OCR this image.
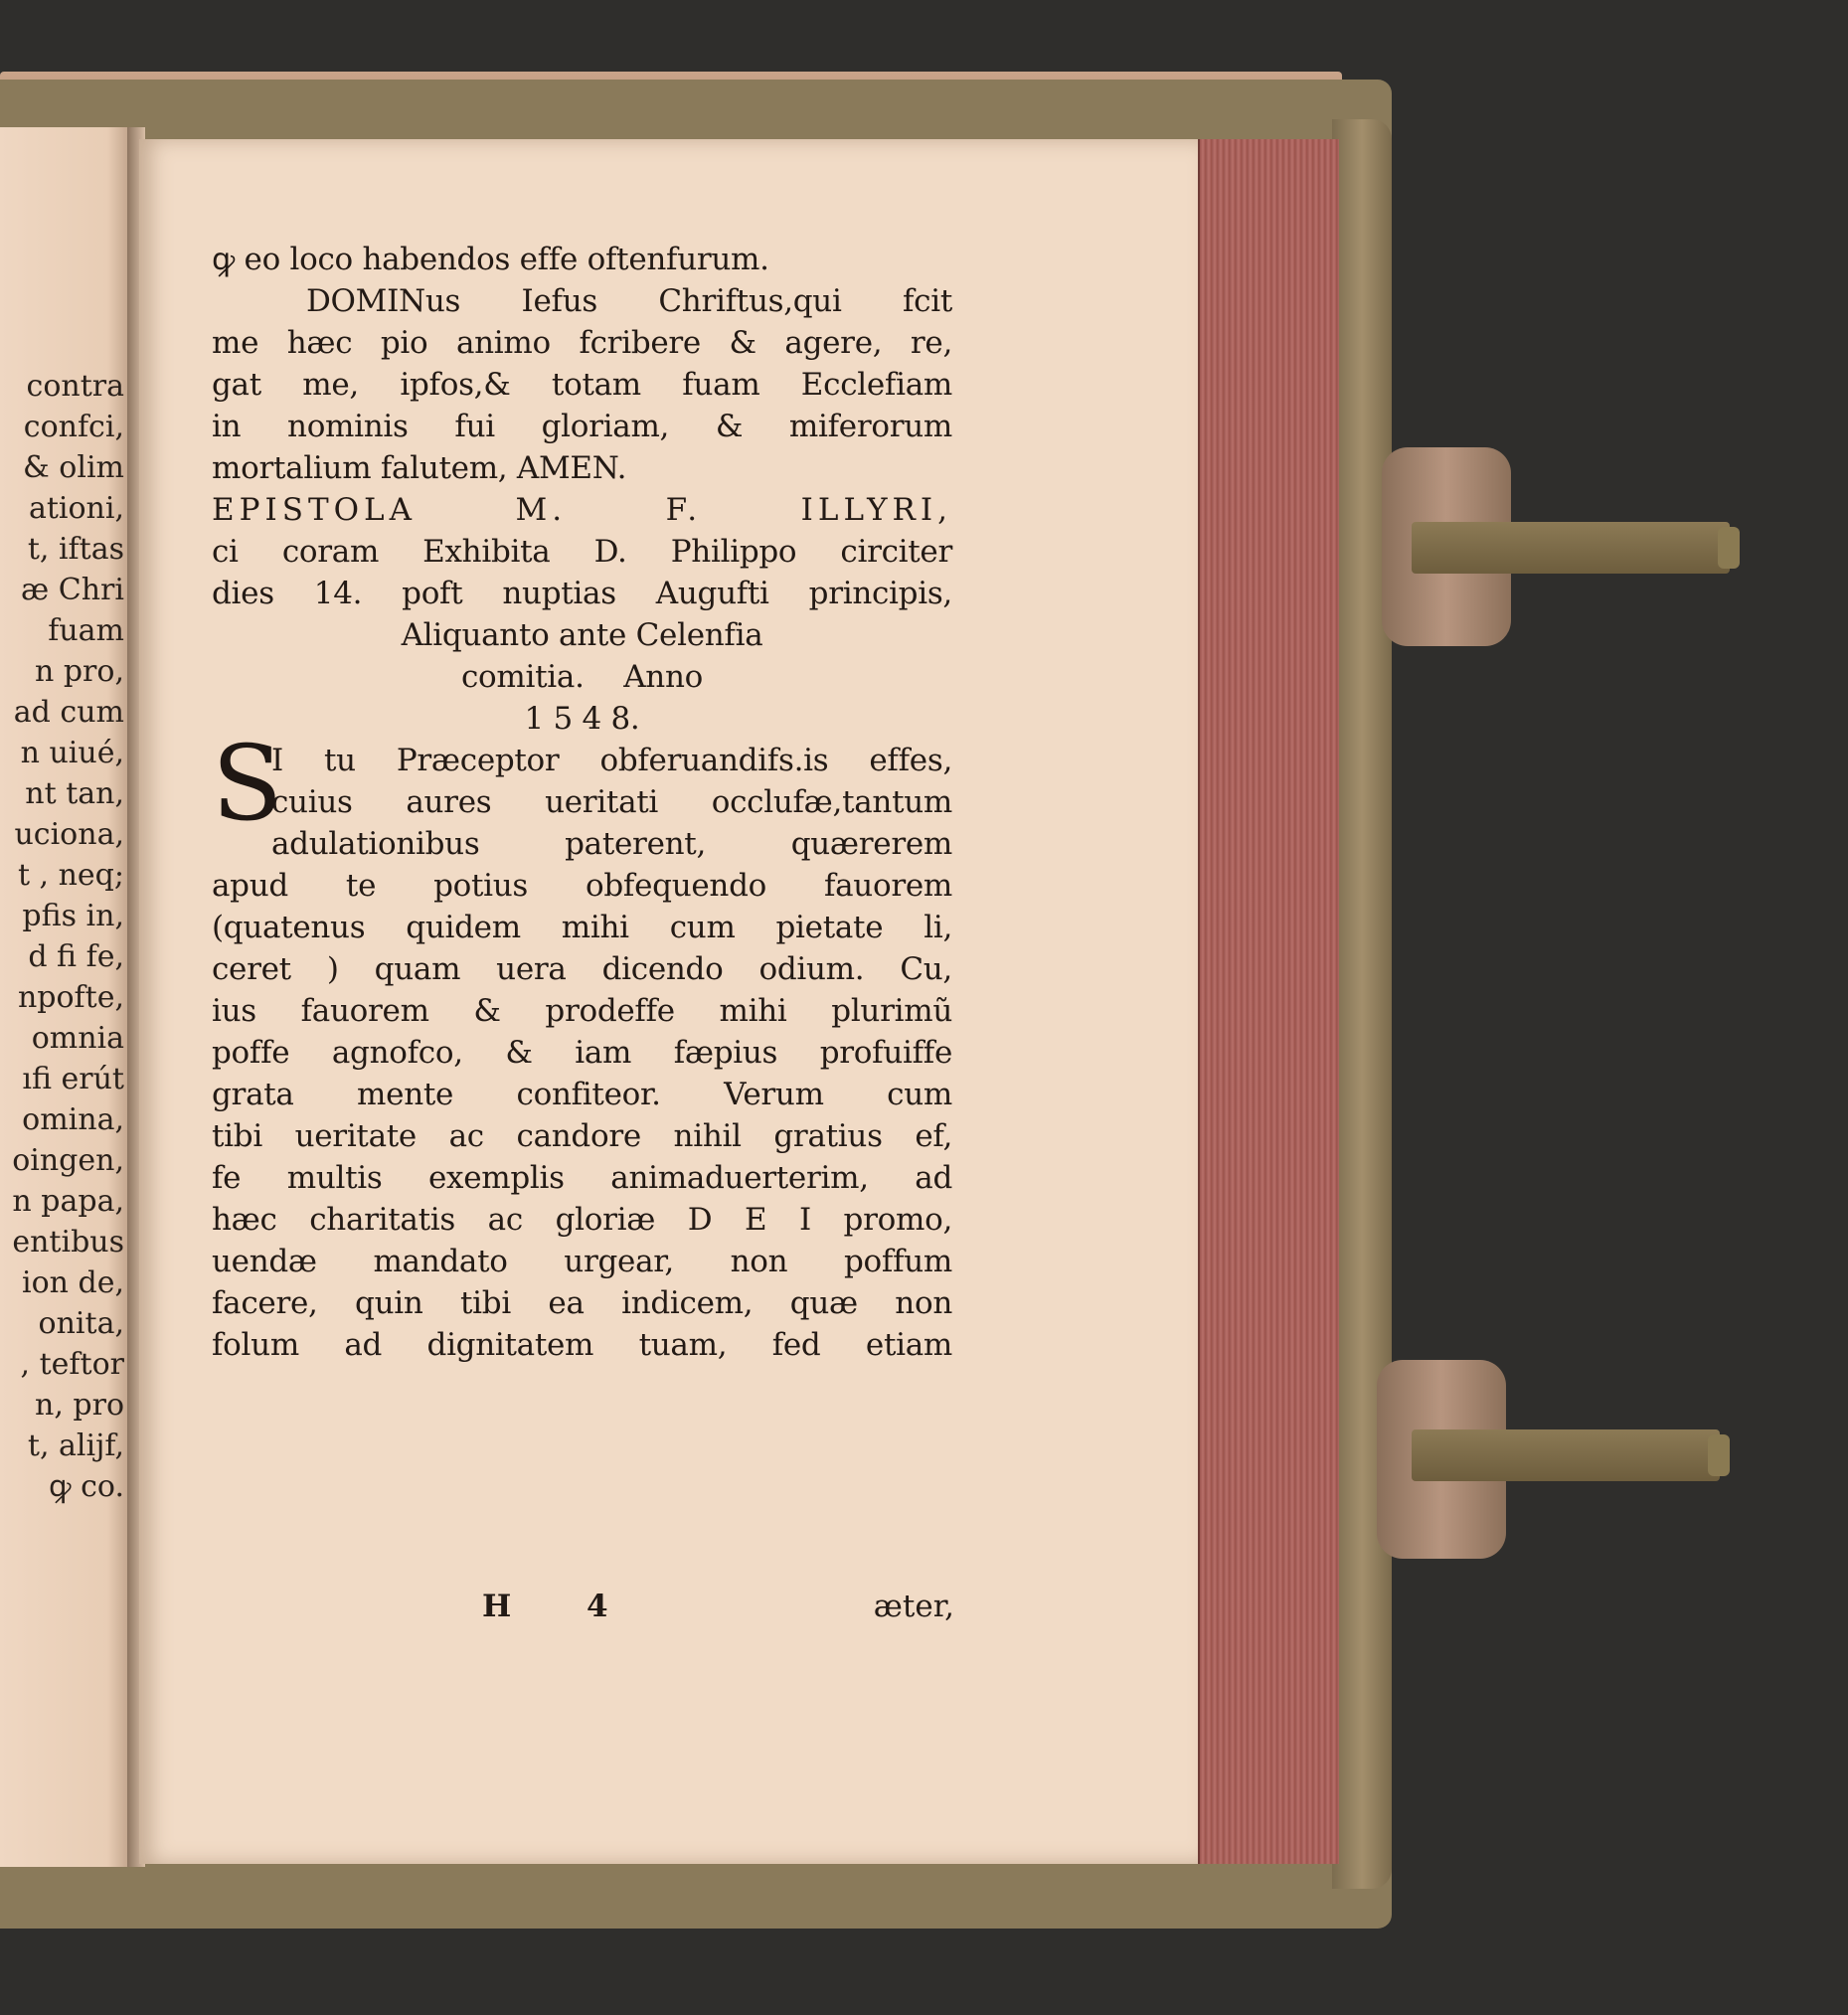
contra
confci,
& olim
ationi,
t, iftas
æ Chri
fuam
n pro,
ad cum
n uiué,
nt tan,
uciona,
t , neq;
pfis in,
d fi fe,
npofte,
omnia
ıfi erút
omina,
oingen,
n papa,
entibus
ion de,
onita,
, teftor
n, pro
t, alijf,
ꝙ co.
ꝙ eo loco habendos effe oftenfurum.
DOMINus Iefus Chriftus,qui fcit
me hæc pio animo fcribere & agere, re,
gat me, ipfos,& totam fuam Ecclefiam
in nominis fui gloriam, & miferorum
mortalium falutem, AMEN.
EPISTOLA M. F. ILLYRI,
ci coram Exhibita D. Philippo circiter
dies 14. poft nuptias Augufti principis,
Aliquanto ante Celenfia
comitia. Anno
1 5 4 8.
S
I tu Præceptor obferuandifs.is effes,
cuius aures ueritati occlufæ,tantum
adulationibus paterent, quærerem
apud te potius obfequendo fauorem
(quatenus quidem mihi cum pietate li,
ceret ) quam uera dicendo odium. Cu,
ius fauorem & prodeffe mihi plurimũ
poffe agnofco, & iam fæpius profuiffe
grata mente confiteor. Verum cum
tibi ueritate ac candore nihil gratius ef,
fe multis exemplis animaduerterim, ad
hæc charitatis ac gloriæ D E I promo,
uendæ mandato urgear, non poffum
facere, quin tibi ea indicem, quæ non
folum ad dignitatem tuam, fed etiam
H 4	æter,
